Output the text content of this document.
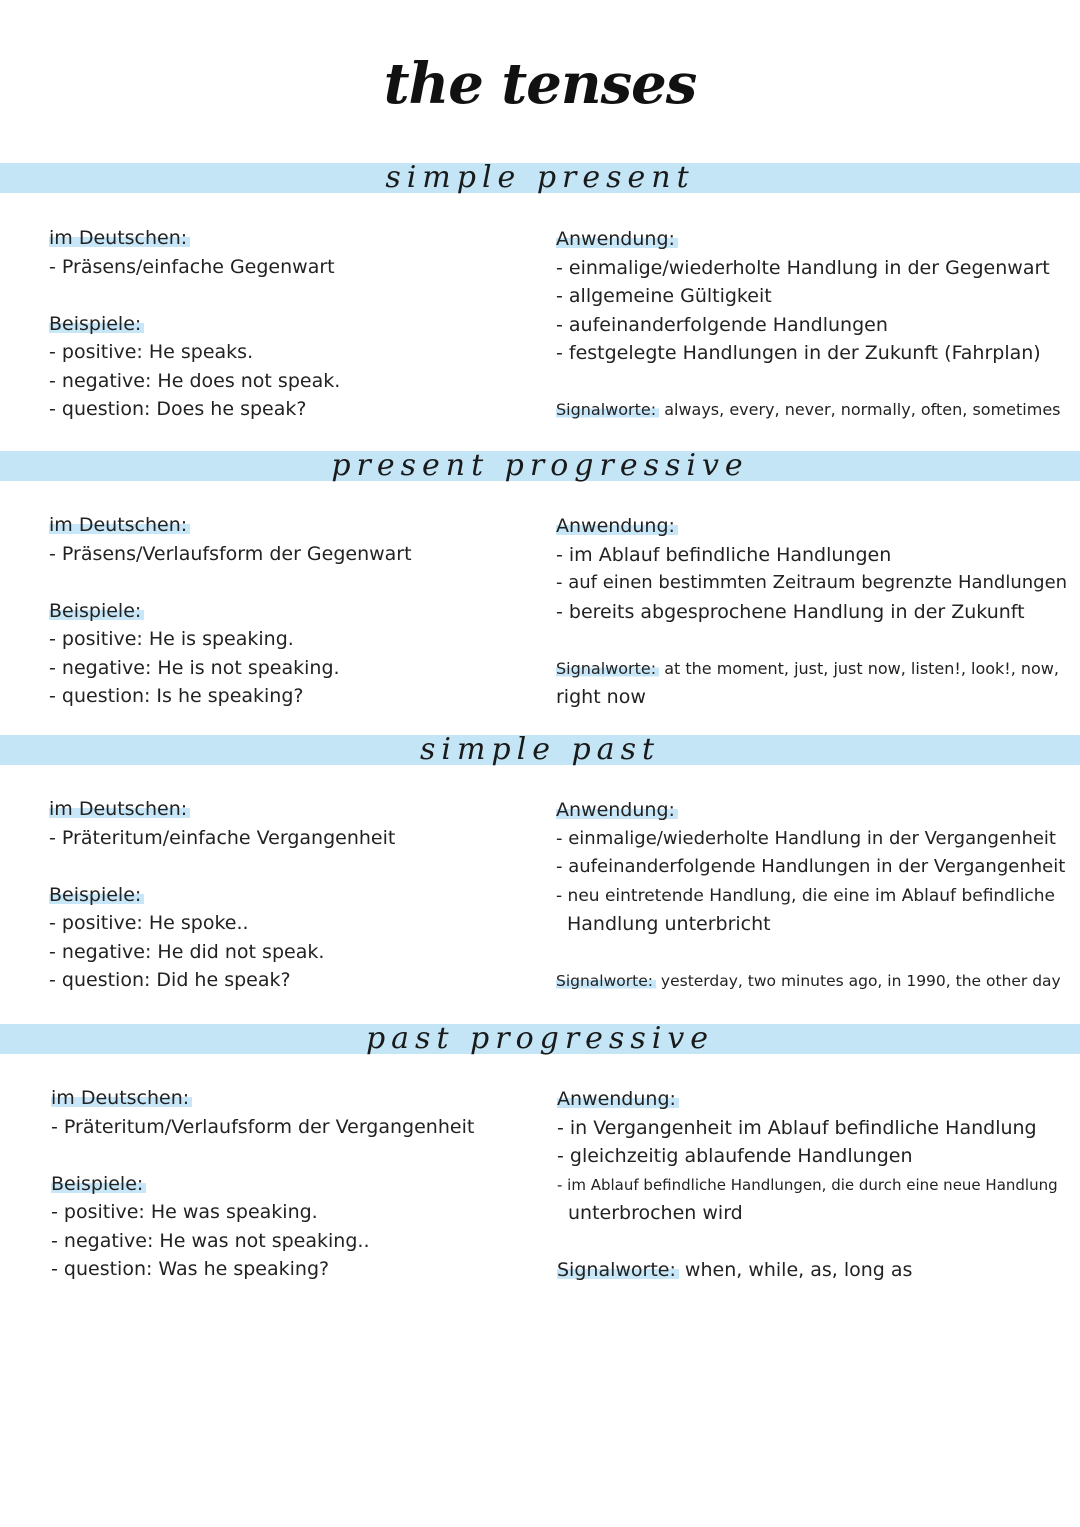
the tenses
simple present

im Deutschen:

- Präsens/einfache Gegenwart

Beispiele:

- positive: He speaks.

- negative: He does not speak.

- question: Does he speak?

Anwendung:

- einmalige/wiederholte Handlung in der Gegenwart

- allgemeine Gültigkeit

- aufeinanderfolgende Handlungen

- festgelegte Handlungen in der Zukunft (Fahrplan)

Signalworte: always, every, never, normally, often, sometimes

present progressive

im Deutschen:

- Präsens/Verlaufsform der Gegenwart

Beispiele:

- positive: He is speaking.

- negative: He is not speaking.

- question: Is he speaking?

Anwendung:

- im Ablauf befindliche Handlungen

- auf einen bestimmten Zeitraum begrenzte Handlungen

- bereits abgesprochene Handlung in der Zukunft

Signalworte: at the moment, just, just now, listen!, look!, now,

right now

simple past

im Deutschen:

- Präteritum/einfache Vergangenheit

Beispiele:

- positive: He spoke..

- negative: He did not speak.

- question: Did he speak?

Anwendung:

- einmalige/wiederholte Handlung in der Vergangenheit

- aufeinanderfolgende Handlungen in der Vergangenheit

- neu eintretende Handlung, die eine im Ablauf befindliche

Handlung unterbricht

Signalworte: yesterday, two minutes ago, in 1990, the other day

past progressive

im Deutschen:

- Präteritum/Verlaufsform der Vergangenheit

Beispiele:

- positive: He was speaking.

- negative: He was not speaking..

- question: Was he speaking?

Anwendung:

- in Vergangenheit im Ablauf befindliche Handlung

- gleichzeitig ablaufende Handlungen

- im Ablauf befindliche Handlungen, die durch eine neue Handlung

unterbrochen wird

Signalworte: when, while, as, long as
